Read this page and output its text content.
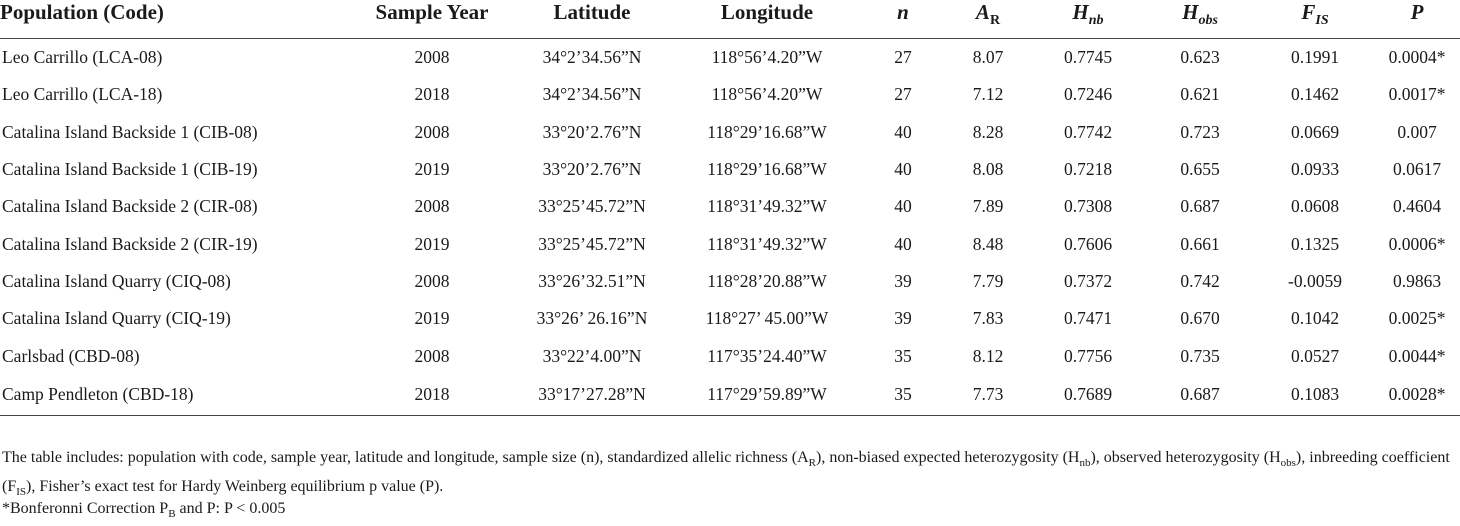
Population (Code)	Sample Year	Latitude	Longitude	n	$A_R$	$H_{nb}$	$H_{obs}$	$F_{IS}$	P
Leo Carrillo (LCA-08)	2008	34°2’34.56”N	118°56’4.20”W	27	8.07	0.7745	0.623	0.1991	0.0004*
Leo Carrillo (LCA-18)	2018	34°2’34.56”N	118°56’4.20”W	27	7.12	0.7246	0.621	0.1462	0.0017*
Catalina Island Backside 1 (CIB-08)	2008	33°20’2.76”N	118°29’16.68”W	40	8.28	0.7742	0.723	0.0669	0.007
Catalina Island Backside 1 (CIB-19)	2019	33°20’2.76”N	118°29’16.68”W	40	8.08	0.7218	0.655	0.0933	0.0617
Catalina Island Backside 2 (CIR-08)	2008	33°25’45.72”N	118°31’49.32”W	40	7.89	0.7308	0.687	0.0608	0.4604
Catalina Island Backside 2 (CIR-19)	2019	33°25’45.72”N	118°31’49.32”W	40	8.48	0.7606	0.661	0.1325	0.0006*
Catalina Island Quarry (CIQ-08)	2008	33°26’32.51”N	118°28’20.88”W	39	7.79	0.7372	0.742	-0.0059	0.9863
Catalina Island Quarry (CIQ-19)	2019	33°26’ 26.16”N	118°27’ 45.00”W	39	7.83	0.7471	0.670	0.1042	0.0025*
Carlsbad (CBD-08)	2008	33°22’4.00”N	117°35’24.40”W	35	8.12	0.7756	0.735	0.0527	0.0044*
Camp Pendleton (CBD-18)	2018	33°17’27.28”N	117°29’59.89”W	35	7.73	0.7689	0.687	0.1083	0.0028*
The table includes: population with code, sample year, latitude and longitude, sample size (n), standardized allelic richness $(A_R)$, non-biased expected heterozygosity $(H_{nb})$, observed heterozygosity $(H_{obs})$, inbreeding coefficient $(F_{IS})$, Fisher’s exact test for Hardy Weinberg equilibrium p value (P).
*Bonferonni Correction $P_B$ and P: P < 0.005
